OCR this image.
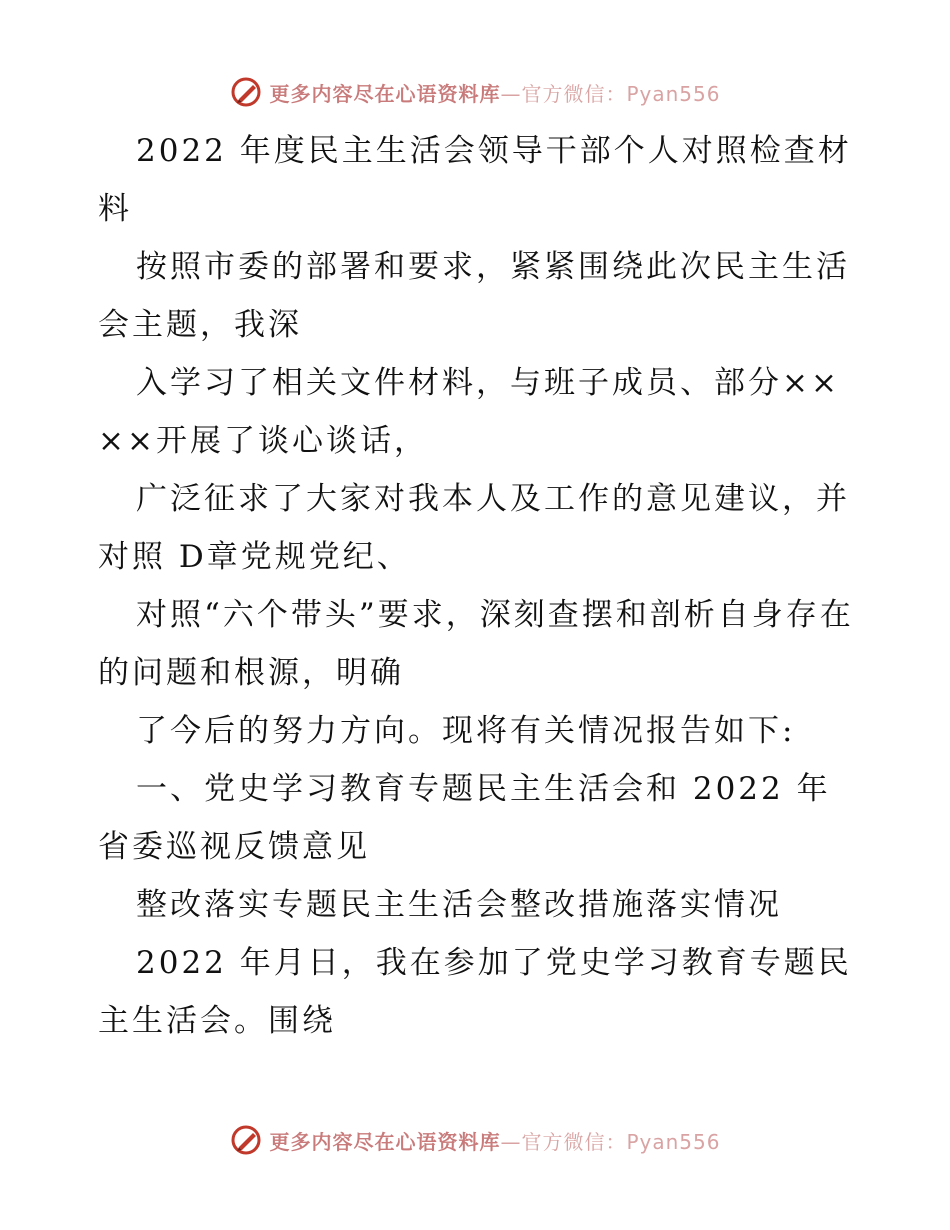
更多内容尽在心语资料库—官方微信：Pyan556

2022 年度民主生活会领导干部个人对照检查材料

按照市委的部署和要求，紧紧围绕此次民主生活会主题，我深

入学习了相关文件材料，与班子成员、部分××××开展了谈心谈话，

广泛征求了大家对我本人及工作的意见建议，并对照 D章党规党纪、

对照“六个带头”要求，深刻查摆和剖析自身存在的问题和根源，明确

了今后的努力方向。现将有关情况报告如下:

一、党史学习教育专题民主生活会和 2022 年省委巡视反馈意见

整改落实专题民主生活会整改措施落实情况

2022 年月日，我在参加了党史学习教育专题民主生活会。围绕

更多内容尽在心语资料库—官方微信：Pyan556
